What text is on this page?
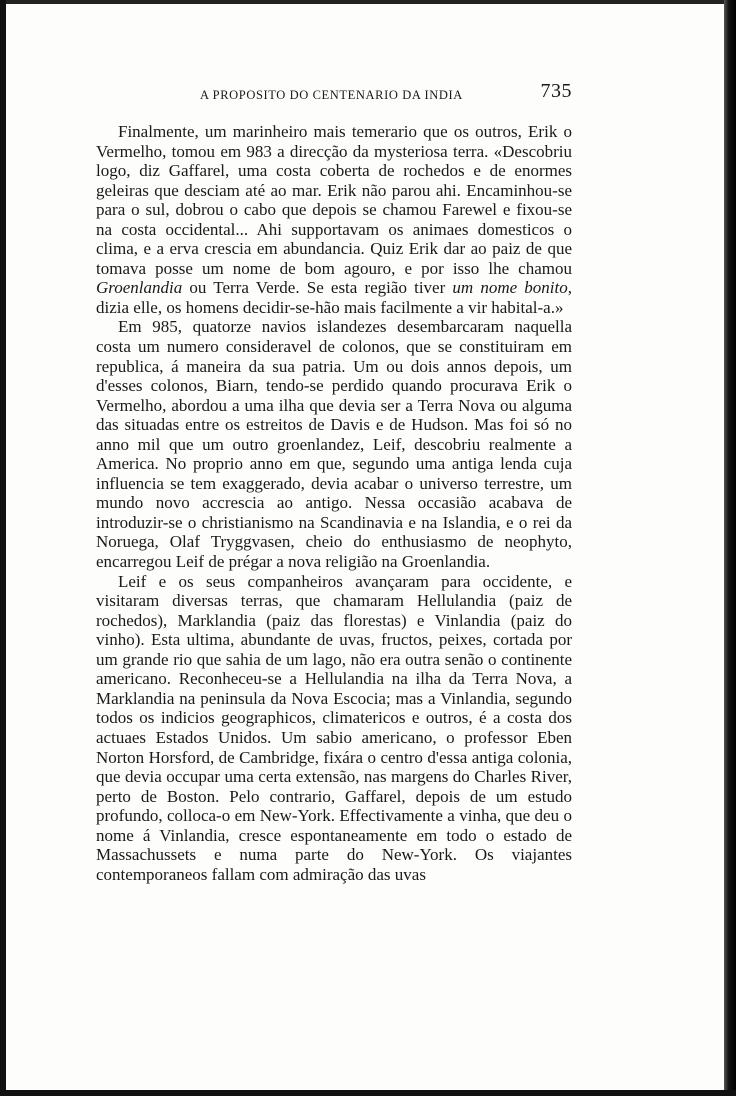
A PROPOSITO DO CENTENARIO DA INDIA	735

Finalmente, um marinheiro mais temerario que os outros, Erik o Vermelho, tomou em 983 a direcção da mysteriosa terra. «Descobriu logo, diz Gaffarel, uma costa coberta de rochedos e de enormes geleiras que desciam até ao mar. Erik não parou ahi. Encaminhou-se para o sul, dobrou o cabo que depois se chamou Farewel e fixou-se na costa occidental... Ahi supportavam os animaes domesticos o clima, e a erva crescia em abundancia. Quiz Erik dar ao paiz de que tomava posse um nome de bom agouro, e por isso lhe chamou Groenlandia ou Terra Verde. Se esta região tiver um nome bonito, dizia elle, os homens decidir-se-hão mais facilmente a vir habital-a.»

Em 985, quatorze navios islandezes desembarcaram naquella costa um numero consideravel de colonos, que se constituiram em republica, á maneira da sua patria. Um ou dois annos depois, um d'esses colonos, Biarn, tendo-se perdido quando procurava Erik o Vermelho, abordou a uma ilha que devia ser a Terra Nova ou alguma das situadas entre os estreitos de Davis e de Hudson. Mas foi só no anno mil que um outro groenlandez, Leif, descobriu realmente a America. No proprio anno em que, segundo uma antiga lenda cuja influencia se tem exaggerado, devia acabar o universo terrestre, um mundo novo accrescia ao antigo. Nessa occasião acabava de introduzir-se o christianismo na Scandinavia e na Islandia, e o rei da Noruega, Olaf Tryggvasen, cheio do enthusiasmo de neophyto, encarregou Leif de prégar a nova religião na Groenlandia.

Leif e os seus companheiros avançaram para occidente, e visitaram diversas terras, que chamaram Hellulandia (paiz de rochedos), Marklandia (paiz das florestas) e Vinlandia (paiz do vinho). Esta ultima, abundante de uvas, fructos, peixes, cortada por um grande rio que sahia de um lago, não era outra senão o continente americano. Reconheceu-se a Hellulandia na ilha da Terra Nova, a Marklandia na peninsula da Nova Escocia; mas a Vinlandia, segundo todos os indicios geographicos, climatericos e outros, é a costa dos actuaes Estados Unidos. Um sabio americano, o professor Eben Norton Horsford, de Cambridge, fixára o centro d'essa antiga colonia, que devia occupar uma certa extensão, nas margens do Charles River, perto de Boston. Pelo contrario, Gaffarel, depois de um estudo profundo, colloca-o em New-York. Effectivamente a vinha, que deu o nome á Vinlandia, cresce espontaneamente em todo o estado de Massachussets e numa parte do New-York. Os viajantes contemporaneos fallam com admiração das uvas
